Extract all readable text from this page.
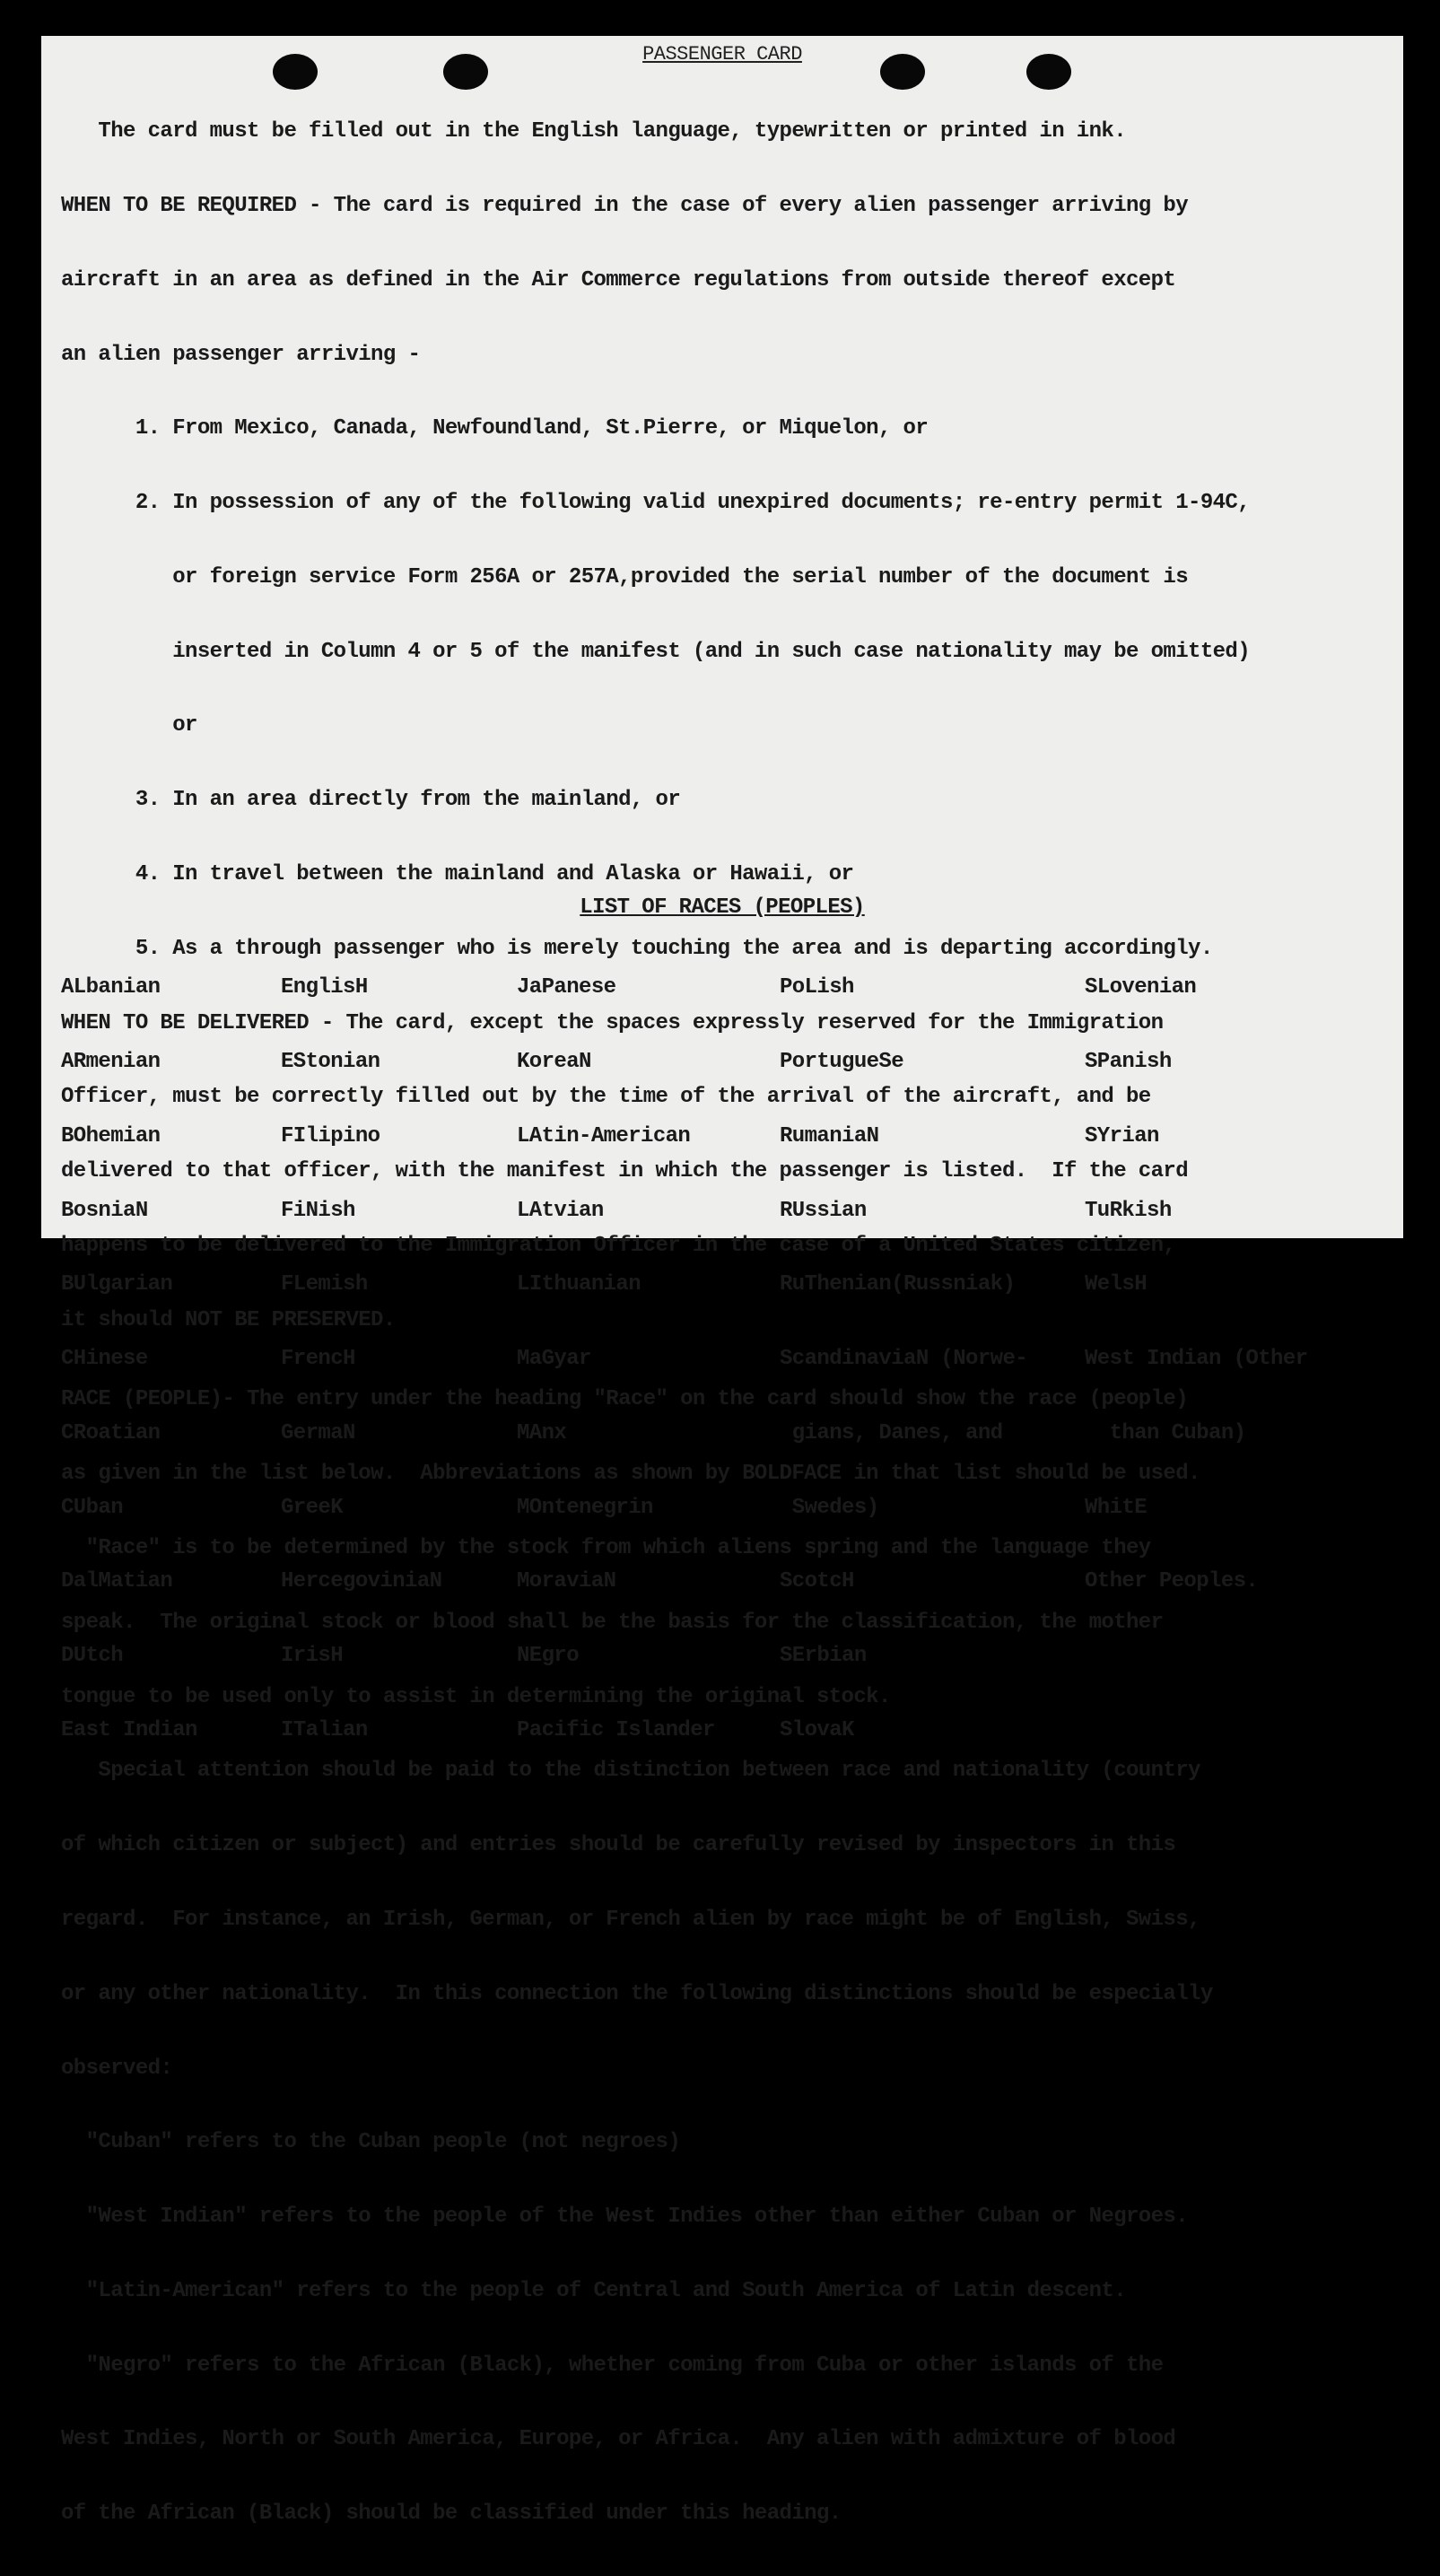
PASSENGER CARD

The card must be filled out in the English language, typewritten or printed in ink.

WHEN TO BE REQUIRED - The card is required in the case of every alien passenger arriving by

aircraft in an area as defined in the Air Commerce regulations from outside thereof except

an alien passenger arriving -

1. From Mexico, Canada, Newfoundland, St.Pierre, or Miquelon, or

2. In possession of any of the following valid unexpired documents; re-entry permit 1-94C,

or foreign service Form 256A or 257A,provided the serial number of the document is

inserted in Column 4 or 5 of the manifest (and in such case nationality may be omitted)

or

3. In an area directly from the mainland, or

4. In travel between the mainland and Alaska or Hawaii, or

5. As a through passenger who is merely touching the area and is departing accordingly.

WHEN TO BE DELIVERED - The card, except the spaces expressly reserved for the Immigration

Officer, must be correctly filled out by the time of the arrival of the aircraft, and be

delivered to that officer, with the manifest in which the passenger is listed.  If the card

happens to be delivered to the Immigration Officer in the case of a United States citizen,

it should NOT BE PRESERVED.

RACE (PEOPLE)- The entry under the heading "Race" on the card should show the race (people)

as given in the list below.  Abbreviations as shown by BOLDFACE in that list should be used.

"Race" is to be determined by the stock from which aliens spring and the language they

speak.  The original stock or blood shall be the basis for the classification, the mother

tongue to be used only to assist in determining the original stock.

Special attention should be paid to the distinction between race and nationality (country

of which citizen or subject) and entries should be carefully revised by inspectors in this

regard.  For instance, an Irish, German, or French alien by race might be of English, Swiss,

or any other nationality.  In this connection the following distinctions should be especially

observed:

"Cuban" refers to the Cuban people (not negroes)

"West Indian" refers to the people of the West Indies other than either Cuban or Negroes.

"Latin-American" refers to the people of Central and South America of Latin descent.

"Negro" refers to the African (Black), whether coming from Cuba or other islands of the

West Indies, North or South America, Europe, or Africa.  Any alien with admixture of blood

of the African (Black) should be classified under this heading.

LIST OF RACES (PEOPLES)

ALbanian

ARmenian

BOhemian

BosniaN

BUlgarian

CHinese

CRoatian

CUban

DalMatian

DUtch

East Indian

EnglisH

EStonian

FIlipino

FiNish

FLemish

FrencH

GermaN

GreeK

HercegoviniaN

IrisH

ITalian

JaPanese

KoreaN

LAtin-American

LAtvian

LIthuanian

MaGyar

MAnx

MOntenegrin

MoraviaN

NEgro

Pacific Islander

PoLish

PortugueSe

RumaniaN

RUssian

RuThenian(Russniak)

ScandinaviaN (Norwe-

gians, Danes, and

Swedes)

ScotcH

SErbian

SlovaK

SLovenian

SPanish

SYrian

TuRkish

WelsH

West Indian (Other

than Cuban)

WhitE

Other Peoples.
